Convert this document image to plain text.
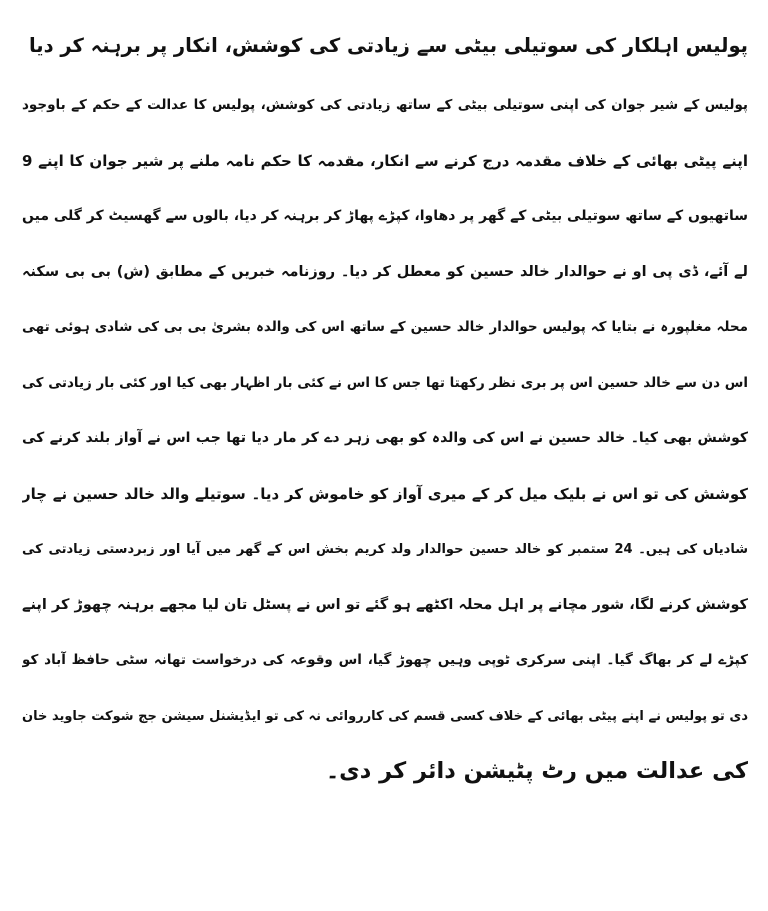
پولیس اہلکار کی سوتیلی بیٹی سے زیادتی کی کوشش، انکار پر برہنہ کر دیا
پولیس کے شیر جوان کی اپنی سوتیلی بیٹی کے ساتھ زیادتی کی کوشش، پولیس کا عدالت کے حکم کے باوجود
اپنے پیٹی بھائی کے خلاف مقدمہ درج کرنے سے انکار، مقدمہ کا حکم نامہ ملنے پر شیر جوان کا اپنے 9
ساتھیوں کے ساتھ سوتیلی بیٹی کے گھر پر دھاوا، کپڑے پھاڑ کر برہنہ کر دیا، بالوں سے گھسیٹ کر گلی میں
لے آئے، ڈی پی او نے حوالدار خالد حسین کو معطل کر دیا۔ روزنامہ خبریں کے مطابق (ش) بی بی سکنہ
محلہ مغلپورہ نے بتایا کہ پولیس حوالدار خالد حسین کے ساتھ اس کی والدہ بشریٰ بی بی کی شادی ہوئی تھی
اس دن سے خالد حسین اس پر بری نظر رکھتا تھا جس کا اس نے کئی بار اظہار بھی کیا اور کئی بار زیادتی کی
کوشش بھی کیا۔ خالد حسین نے اس کی والدہ کو بھی زہر دے کر مار دیا تھا جب اس نے آواز بلند کرنے کی
کوشش کی تو اس نے بلیک میل کر کے میری آواز کو خاموش کر دیا۔ سوتیلے والد خالد حسین نے چار
شادیاں کی ہیں۔ 24 ستمبر کو خالد حسین حوالدار ولد کریم بخش اس کے گھر میں آیا اور زبردستی زیادتی کی
کوشش کرنے لگا، شور مچانے پر اہل محلہ اکٹھے ہو گئے تو اس نے پسٹل تان لیا مجھے برہنہ چھوڑ کر اپنے
کپڑے لے کر بھاگ گیا۔ اپنی سرکری ٹوپی وہیں چھوڑ گیا، اس وقوعہ کی درخواست تھانہ سٹی حافظ آباد کو
دی تو پولیس نے اپنے پیٹی بھائی کے خلاف کسی قسم کی کارروائی نہ کی تو ایڈیشنل سیشن جج شوکت جاوید خان
کی عدالت میں رٹ پٹیشن دائر کر دی۔
